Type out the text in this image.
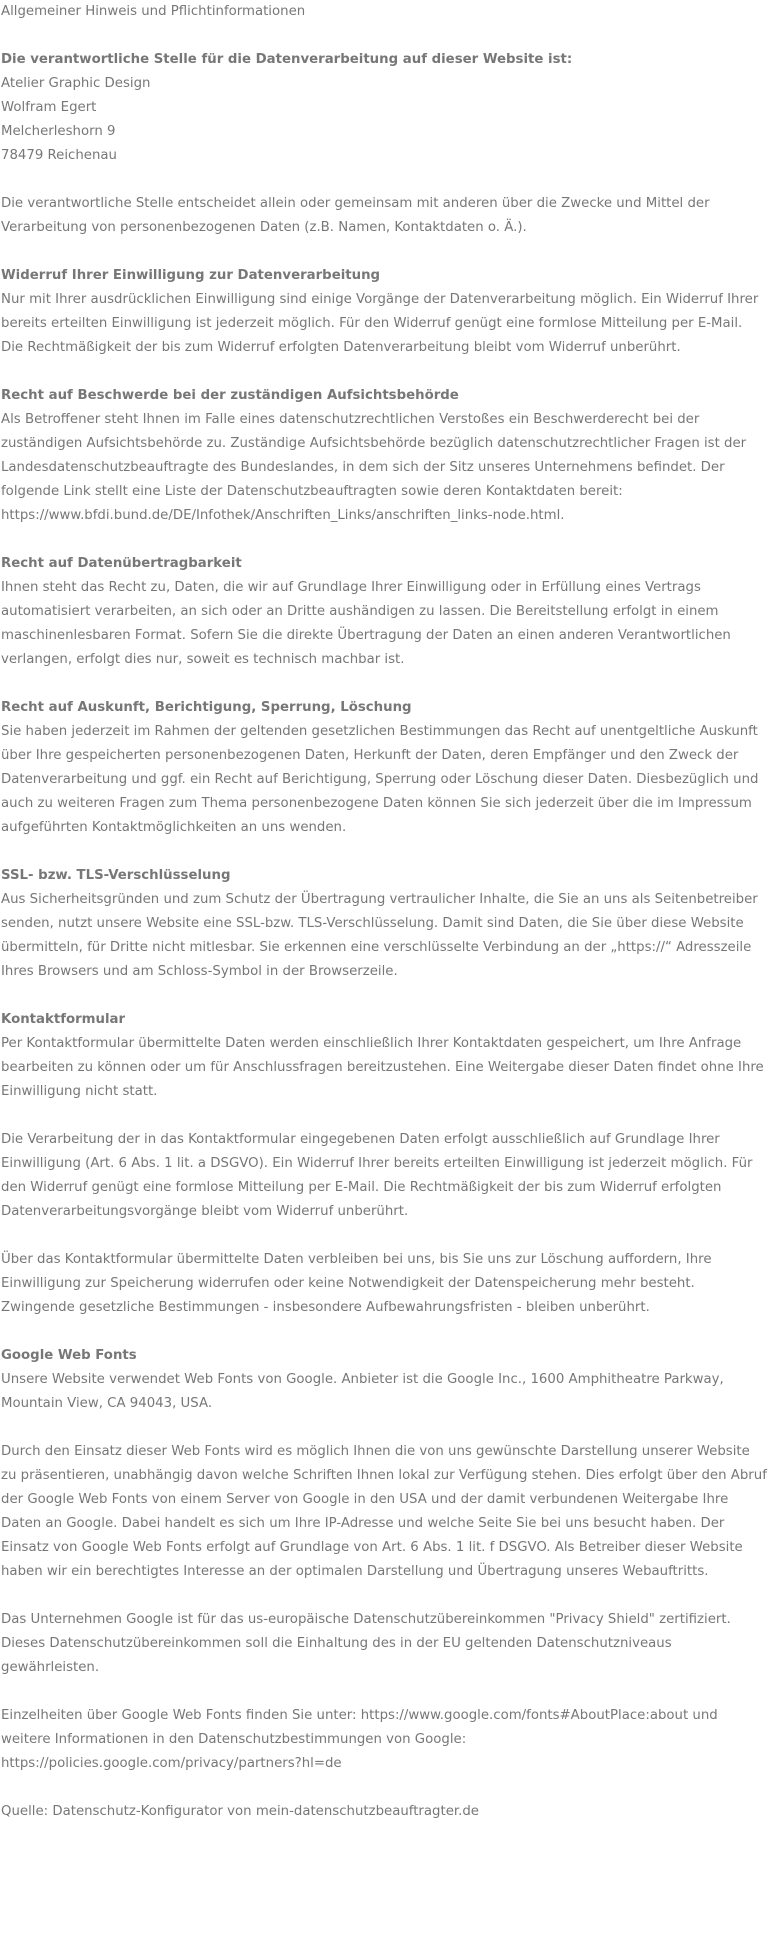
Allgemeiner Hinweis und Pflichtinformationen

Die verantwortliche Stelle für die Datenverarbeitung auf dieser Website ist:
Atelier Graphic Design
Wolfram Egert
Melcherleshorn 9
78479 Reichenau

Die verantwortliche Stelle entscheidet allein oder gemeinsam mit anderen über die Zwecke und Mittel der Verarbeitung von personenbezogenen Daten (z.B. Namen, Kontaktdaten o. Ä.).

Widerruf Ihrer Einwilligung zur Datenverarbeitung
Nur mit Ihrer ausdrücklichen Einwilligung sind einige Vorgänge der Datenverarbeitung möglich. Ein Widerruf Ihrer bereits erteilten Einwilligung ist jederzeit möglich. Für den Widerruf genügt eine formlose Mitteilung per E-Mail. Die Rechtmäßigkeit der bis zum Widerruf erfolgten Datenverarbeitung bleibt vom Widerruf unberührt.
Recht auf Beschwerde bei der zuständigen Aufsichtsbehörde
Als Betroffener steht Ihnen im Falle eines datenschutzrechtlichen Verstoßes ein Beschwerderecht bei der zuständigen Aufsichtsbehörde zu. Zuständige Aufsichtsbehörde bezüglich datenschutzrechtlicher Fragen ist der Landesdatenschutzbeauftragte des Bundeslandes, in dem sich der Sitz unseres Unternehmens befindet. Der folgende Link stellt eine Liste der Datenschutzbeauftragten sowie deren Kontaktdaten bereit: https://www.bfdi.bund.de/DE/Infothek/Anschriften_Links/anschriften_links-node.html.
Recht auf Datenübertragbarkeit
Ihnen steht das Recht zu, Daten, die wir auf Grundlage Ihrer Einwilligung oder in Erfüllung eines Vertrags automatisiert verarbeiten, an sich oder an Dritte aushändigen zu lassen. Die Bereitstellung erfolgt in einem maschinenlesbaren Format. Sofern Sie die direkte Übertragung der Daten an einen anderen Verantwortlichen verlangen, erfolgt dies nur, soweit es technisch machbar ist.
Recht auf Auskunft, Berichtigung, Sperrung, Löschung
Sie haben jederzeit im Rahmen der geltenden gesetzlichen Bestimmungen das Recht auf unentgeltliche Auskunft über Ihre gespeicherten personenbezogenen Daten, Herkunft der Daten, deren Empfänger und den Zweck der Datenverarbeitung und ggf. ein Recht auf Berichtigung, Sperrung oder Löschung dieser Daten. Diesbezüglich und auch zu weiteren Fragen zum Thema personenbezogene Daten können Sie sich jederzeit über die im Impressum aufgeführten Kontaktmöglichkeiten an uns wenden.
SSL- bzw. TLS-Verschlüsselung
Aus Sicherheitsgründen und zum Schutz der Übertragung vertraulicher Inhalte, die Sie an uns als Seitenbetreiber senden, nutzt unsere Website eine SSL-bzw. TLS-Verschlüsselung. Damit sind Daten, die Sie über diese Website übermitteln, für Dritte nicht mitlesbar. Sie erkennen eine verschlüsselte Verbindung an der „https://“ Adresszeile Ihres Browsers und am Schloss-Symbol in der Browserzeile.
Kontaktformular
Per Kontaktformular übermittelte Daten werden einschließlich Ihrer Kontaktdaten gespeichert, um Ihre Anfrage bearbeiten zu können oder um für Anschlussfragen bereitzustehen. Eine Weitergabe dieser Daten findet ohne Ihre Einwilligung nicht statt.

Die Verarbeitung der in das Kontaktformular eingegebenen Daten erfolgt ausschließlich auf Grundlage Ihrer Einwilligung (Art. 6 Abs. 1 lit. a DSGVO). Ein Widerruf Ihrer bereits erteilten Einwilligung ist jederzeit möglich. Für den Widerruf genügt eine formlose Mitteilung per E-Mail. Die Rechtmäßigkeit der bis zum Widerruf erfolgten Datenverarbeitungsvorgänge bleibt vom Widerruf unberührt.

Über das Kontaktformular übermittelte Daten verbleiben bei uns, bis Sie uns zur Löschung auffordern, Ihre Einwilligung zur Speicherung widerrufen oder keine Notwendigkeit der Datenspeicherung mehr besteht. Zwingende gesetzliche Bestimmungen - insbesondere Aufbewahrungsfristen - bleiben unberührt.

Google Web Fonts
Unsere Website verwendet Web Fonts von Google. Anbieter ist die Google Inc., 1600 Amphitheatre Parkway, Mountain View, CA 94043, USA.

Durch den Einsatz dieser Web Fonts wird es möglich Ihnen die von uns gewünschte Darstellung unserer Website zu präsentieren, unabhängig davon welche Schriften Ihnen lokal zur Verfügung stehen. Dies erfolgt über den Abruf der Google Web Fonts von einem Server von Google in den USA und der damit verbundenen Weitergabe Ihre Daten an Google. Dabei handelt es sich um Ihre IP-Adresse und welche Seite Sie bei uns besucht haben. Der Einsatz von Google Web Fonts erfolgt auf Grundlage von Art. 6 Abs. 1 lit. f DSGVO. Als Betreiber dieser Website haben wir ein berechtigtes Interesse an der optimalen Darstellung und Übertragung unseres Webauftritts.

Das Unternehmen Google ist für das us-europäische Datenschutzübereinkommen "Privacy Shield" zertifiziert. Dieses Datenschutzübereinkommen soll die Einhaltung des in der EU geltenden Datenschutzniveaus gewährleisten.

Einzelheiten über Google Web Fonts finden Sie unter: https://www.google.com/fonts#AboutPlace:about und weitere Informationen in den Datenschutzbestimmungen von Google: https://policies.google.com/privacy/partners?hl=de

Quelle: Datenschutz-Konfigurator von mein-datenschutzbeauftragter.de
